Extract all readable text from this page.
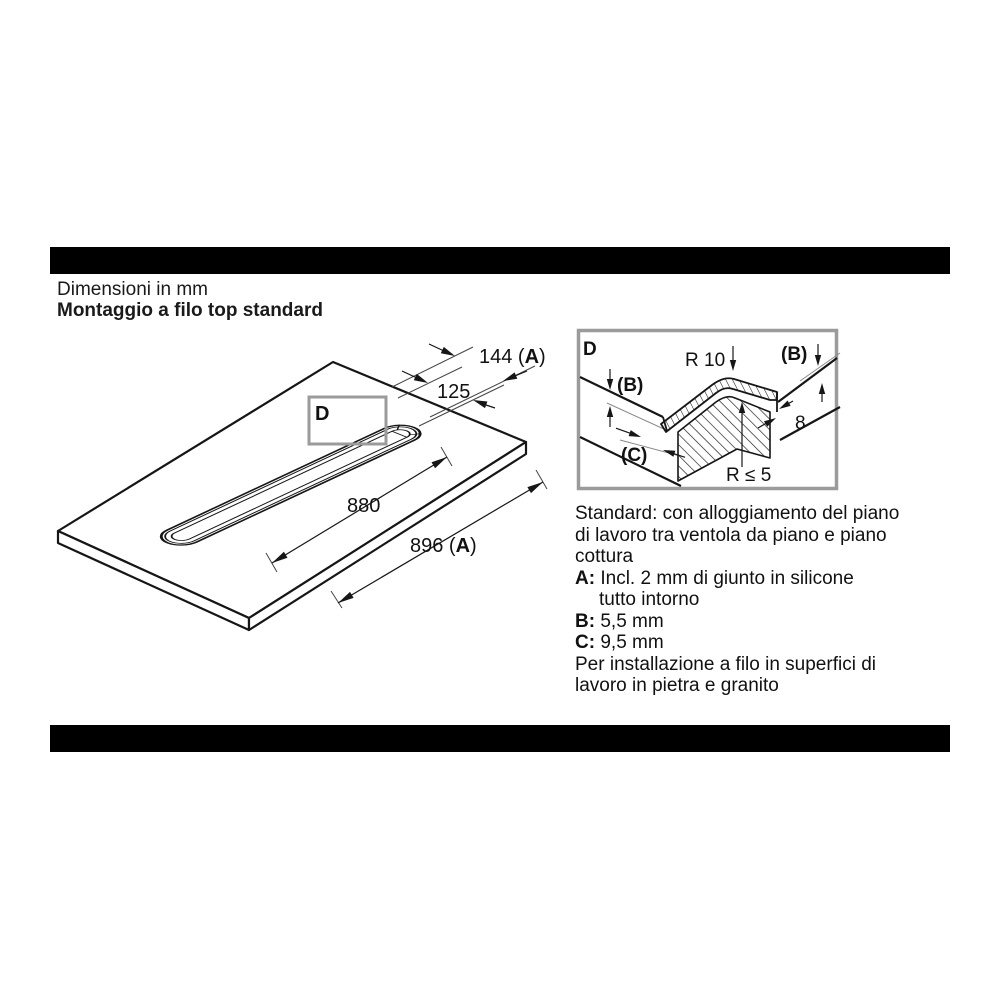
Dimensioni in mm
Montaggio a filo top standard
D
880
896 (A)
144 (A)
125
D
R 10
(B)
(B)
8
(C)
R ≤ 5
Standard: con alloggiamento del piano
di lavoro tra ventola da piano e piano
cottura
A: Incl. 2 mm di giunto in silicone
tutto intorno
B: 5,5 mm
C: 9,5 mm
Per installazione a filo in superfici di
lavoro in pietra e granito
